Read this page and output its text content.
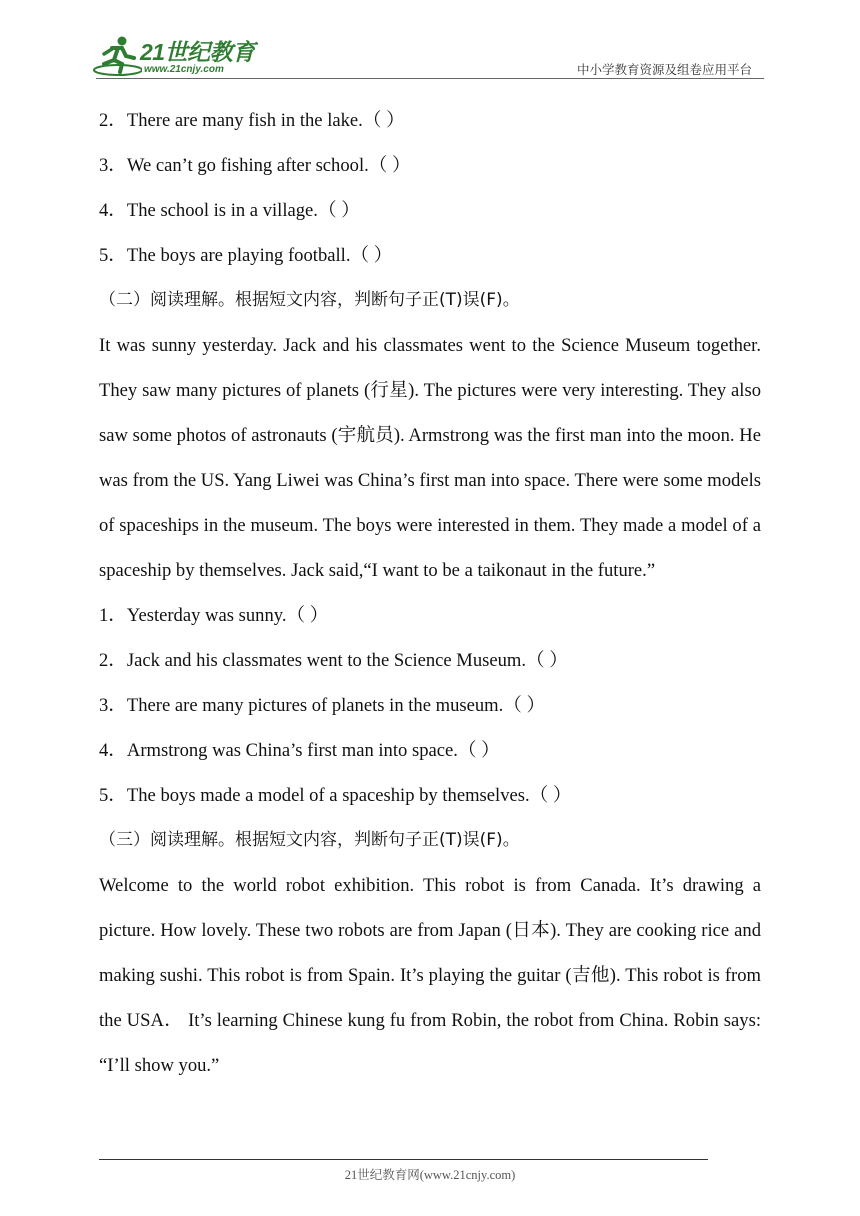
21世纪教育
www.21cnjy.com	中小学教育资源及组卷应用平台
2．There are many fish in the lake.（ ）
3．We can’t go fishing after school.（ ）
4．The school is in a village.（ ）
5．The boys are playing football.（ ）
（二）阅读理解。根据短文内容，判断句子正(T)误(F)。
It was sunny yesterday. Jack and his classmates went to the Science Museum together. They saw many pictures of planets (行星). The pictures were very interesting. They also saw some photos of astronauts (宇航员). Armstrong was the first man into the moon. He was from the US. Yang Liwei was China’s first man into space. There were some models of spaceships in the museum. The boys were interested in them. They made a model of a spaceship by themselves. Jack said,“I want to be a taikonaut in the future.”
1．Yesterday was sunny.（ ）
2．Jack and his classmates went to the Science Museum.（ ）
3．There are many pictures of planets in the museum.（ ）
4．Armstrong was China’s first man into space.（ ）
5．The boys made a model of a spaceship by themselves.（ ）
（三）阅读理解。根据短文内容，判断句子正(T)误(F)。
Welcome to the world robot exhibition. This robot is from Canada. It’s drawing a picture. How lovely. These two robots are from Japan (日本). They are cooking rice and making sushi. This robot is from Spain. It’s playing the guitar (吉他). This robot is from the USA． It’s learning Chinese kung fu from Robin, the robot from China. Robin says: “I’ll show you.”
21世纪教育网(www.21cnjy.com)
